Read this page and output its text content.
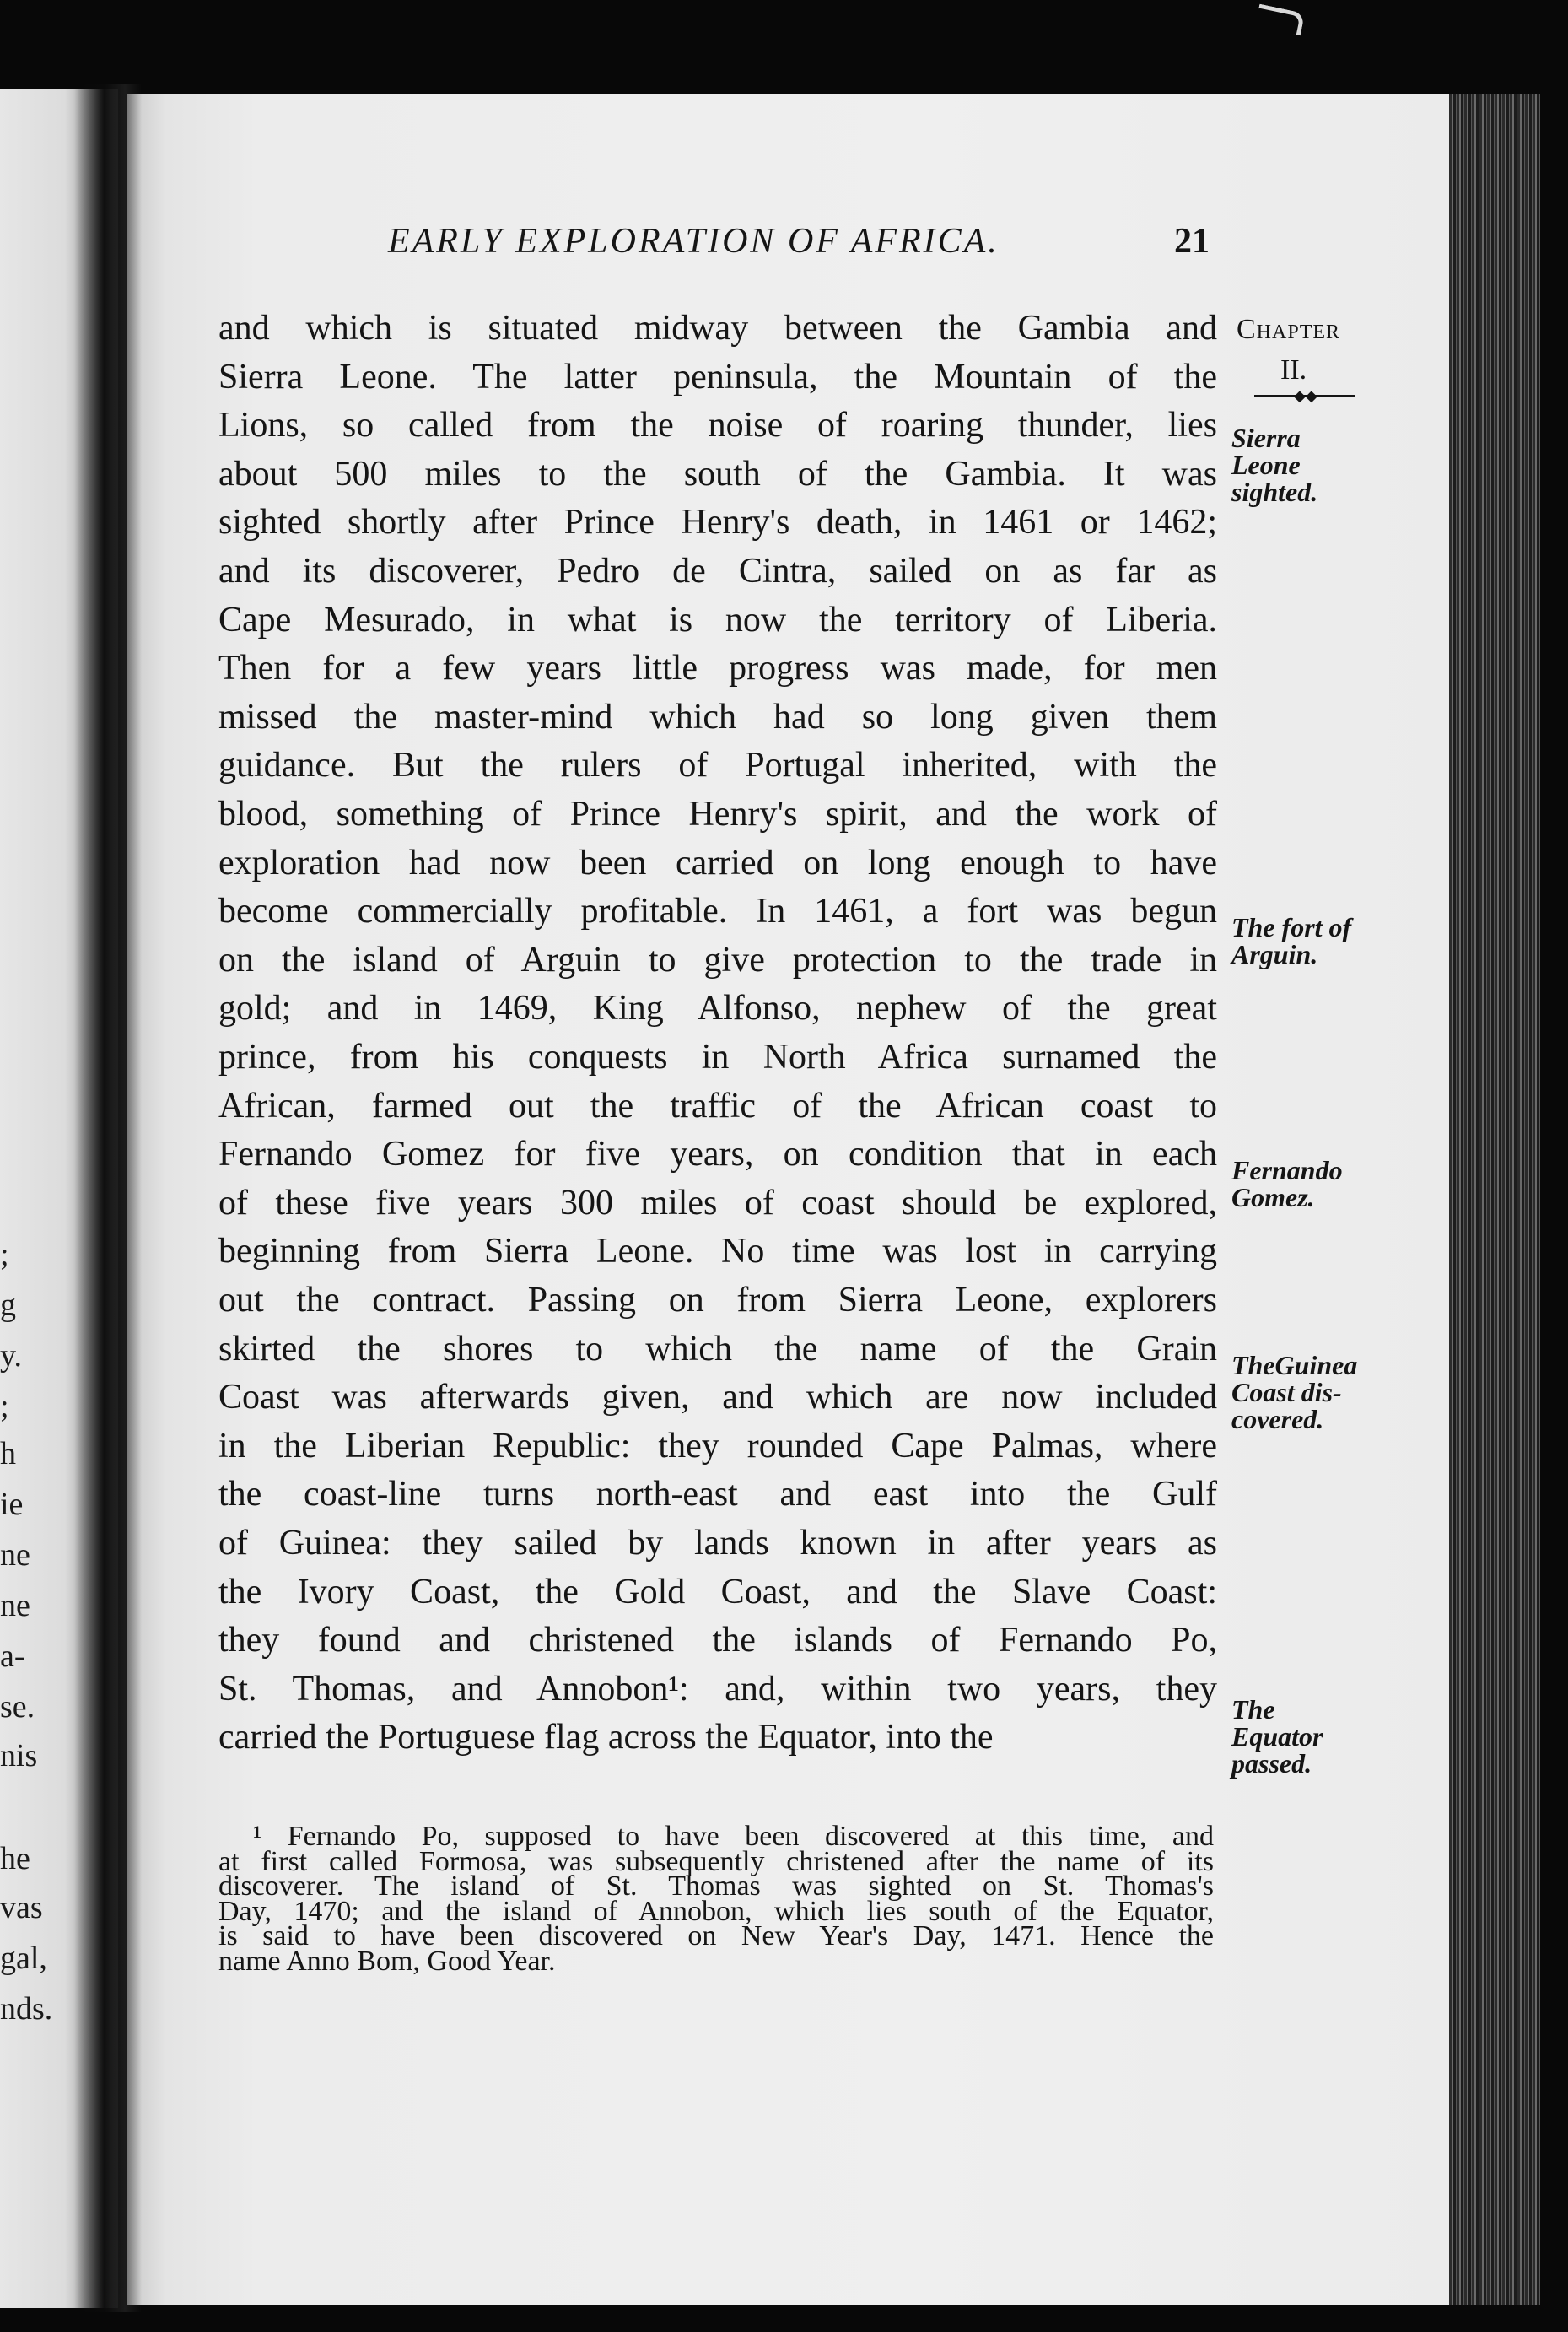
;
g
y.
;
h
ie
ne
ne
a-
se.
nis
he
vas
gal,
nds.
EARLY EXPLORATION OF AFRICA.	21
Chapter
II.
◆◆
Sierra
Leone
sighted.
The fort of
Arguin.
Fernando
Gomez.
TheGuinea
Coast dis-
covered.
The
Equator
passed.
and which is situated midway between the Gambia and
Sierra Leone. The latter peninsula, the Mountain of the
Lions, so called from the noise of roaring thunder, lies
about 500 miles to the south of the Gambia. It was
sighted shortly after Prince Henry's death, in 1461 or 1462;
and its discoverer, Pedro de Cintra, sailed on as far as
Cape Mesurado, in what is now the territory of Liberia.
Then for a few years little progress was made, for men
missed the master-mind which had so long given them
guidance. But the rulers of Portugal inherited, with the
blood, something of Prince Henry's spirit, and the work of
exploration had now been carried on long enough to have
become commercially profitable. In 1461, a fort was begun
on the island of Arguin to give protection to the trade in
gold; and in 1469, King Alfonso, nephew of the great
prince, from his conquests in North Africa surnamed the
African, farmed out the traffic of the African coast to
Fernando Gomez for five years, on condition that in each
of these five years 300 miles of coast should be explored,
beginning from Sierra Leone. No time was lost in carrying
out the contract. Passing on from Sierra Leone, explorers
skirted the shores to which the name of the Grain
Coast was afterwards given, and which are now included
in the Liberian Republic: they rounded Cape Palmas, where
the coast-line turns north-east and east into the Gulf
of Guinea: they sailed by lands known in after years as
the Ivory Coast, the Gold Coast, and the Slave Coast:
they found and christened the islands of Fernando Po,
St. Thomas, and Annobon¹: and, within two years, they
carried the Portuguese flag across the Equator, into the
¹ Fernando Po, supposed to have been discovered at this time, and
at first called Formosa, was subsequently christened after the name of its
discoverer. The island of St. Thomas was sighted on St. Thomas's
Day, 1470; and the island of Annobon, which lies south of the Equator,
is said to have been discovered on New Year's Day, 1471. Hence the
name Anno Bom, Good Year.
